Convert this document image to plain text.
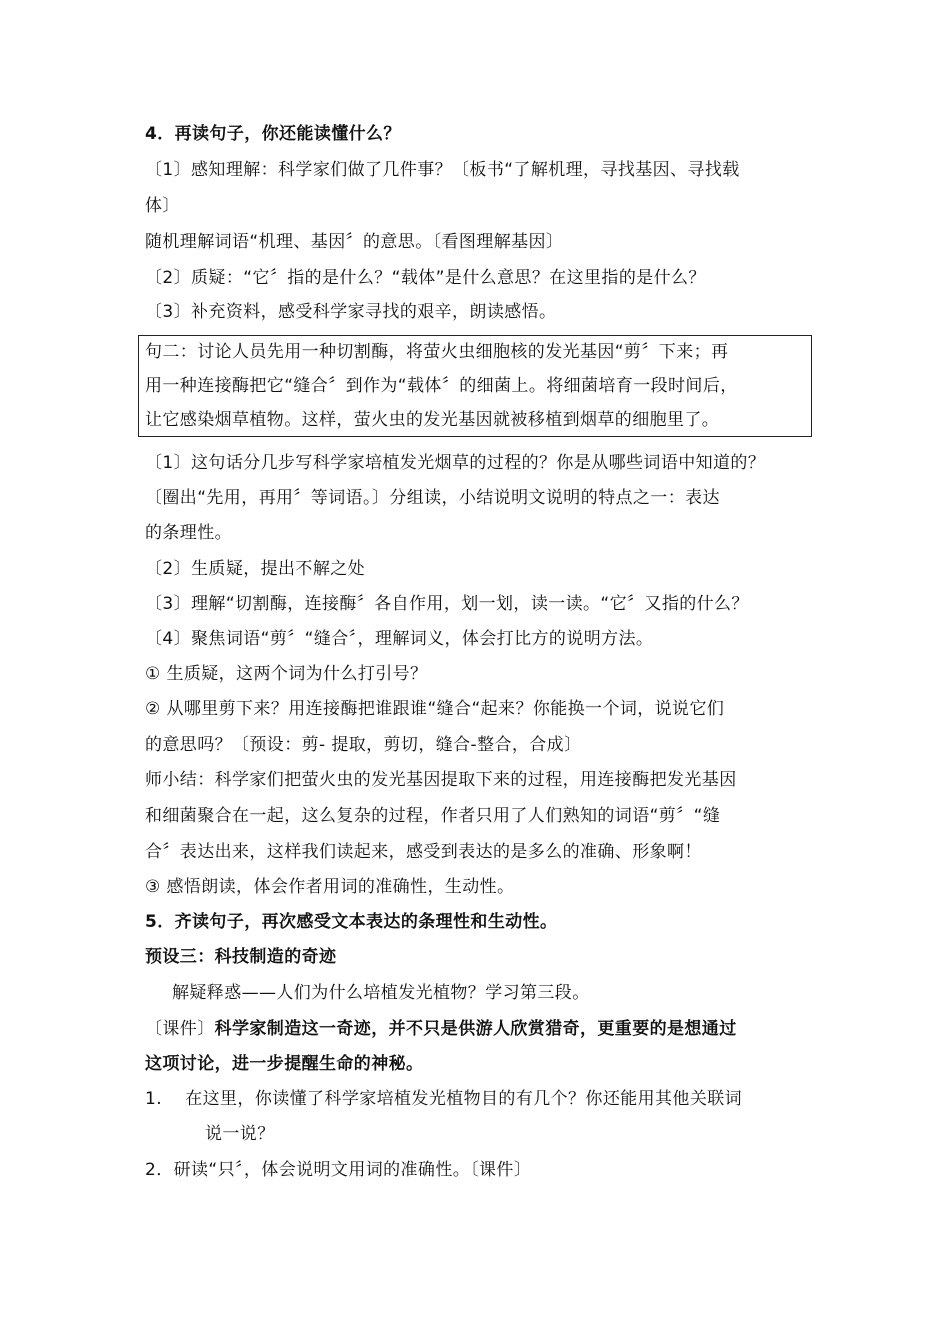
4．再读句子，你还能读懂什么？
〔1〕感知理解：科学家们做了几件事？〔板书“了解机理，寻找基因、寻找载
体〕
随机理解词语“机理、基因〞的意思。〔看图理解基因〕
〔2〕质疑：“它〞指的是什么？“载体”是什么意思？在这里指的是什么？
〔3〕补充资料，感受科学家寻找的艰辛，朗读感悟。
句二：讨论人员先用一种切割酶，将萤火虫细胞核的发光基因“剪〞下来；再
用一种连接酶把它“缝合〞到作为“载体〞的细菌上。将细菌培育一段时间后，
让它感染烟草植物。这样，萤火虫的发光基因就被移植到烟草的细胞里了。
〔1〕这句话分几步写科学家培植发光烟草的过程的？你是从哪些词语中知道的？
〔圈出“先用，再用〞等词语。〕分组读，小结说明文说明的特点之一：表达
的条理性。
〔2〕生质疑，提出不解之处
〔3〕理解“切割酶，连接酶〞各自作用，划一划，读一读。“它〞又指的什么？
〔4〕聚焦词语“剪〞“缝合〞，理解词义，体会打比方的说明方法。
① 生质疑，这两个词为什么打引号？
② 从哪里剪下来？用连接酶把谁跟谁“缝合“起来？你能换一个词，说说它们
的意思吗？〔预设：剪- 提取，剪切，缝合-整合，合成〕
师小结：科学家们把萤火虫的发光基因提取下来的过程，用连接酶把发光基因
和细菌聚合在一起，这么复杂的过程，作者只用了人们熟知的词语“剪〞“缝
合〞表达出来，这样我们读起来，感受到表达的是多么的准确、形象啊！
③ 感悟朗读，体会作者用词的准确性，生动性。
5．齐读句子，再次感受文本表达的条理性和生动性。
预设三：科技制造的奇迹
解疑释惑——人们为什么培植发光植物？学习第三段。
〔课件〕科学家制造这一奇迹，并不只是供游人欣赏猎奇，更重要的是想通过
这项讨论，进一步提醒生命的神秘。
1.　 在这里，你读懂了科学家培植发光植物目的有几个？你还能用其他关联词
说一说？
2．研读“只〞，体会说明文用词的准确性。〔课件〕
